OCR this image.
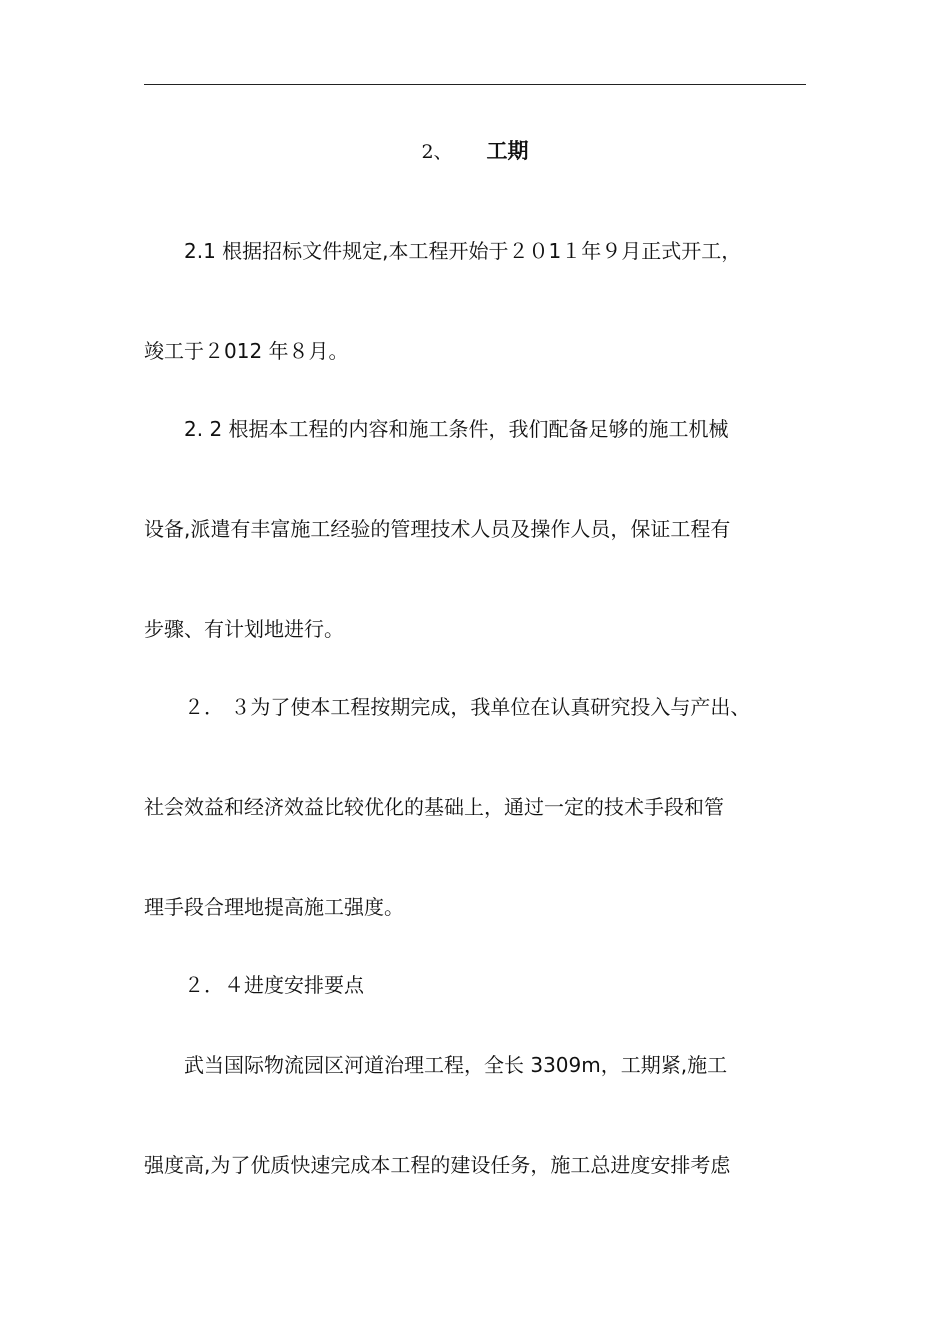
2、 工期
2.1 根据招标文件规定,本工程开始于２０1１年９月正式开工，
竣工于２012 年８月。
2. 2 根据本工程的内容和施工条件，我们配备足够的施工机械
设备,派遣有丰富施工经验的管理技术人员及操作人员，保证工程有
步骤、有计划地进行。
２． ３为了使本工程按期完成，我单位在认真研究投入与产出、
社会效益和经济效益比较优化的基础上，通过一定的技术手段和管
理手段合理地提高施工强度。
２．４进度安排要点
武当国际物流园区河道治理工程，全长 3309m，工期紧,施工
强度高,为了优质快速完成本工程的建设任务，施工总进度安排考虑
